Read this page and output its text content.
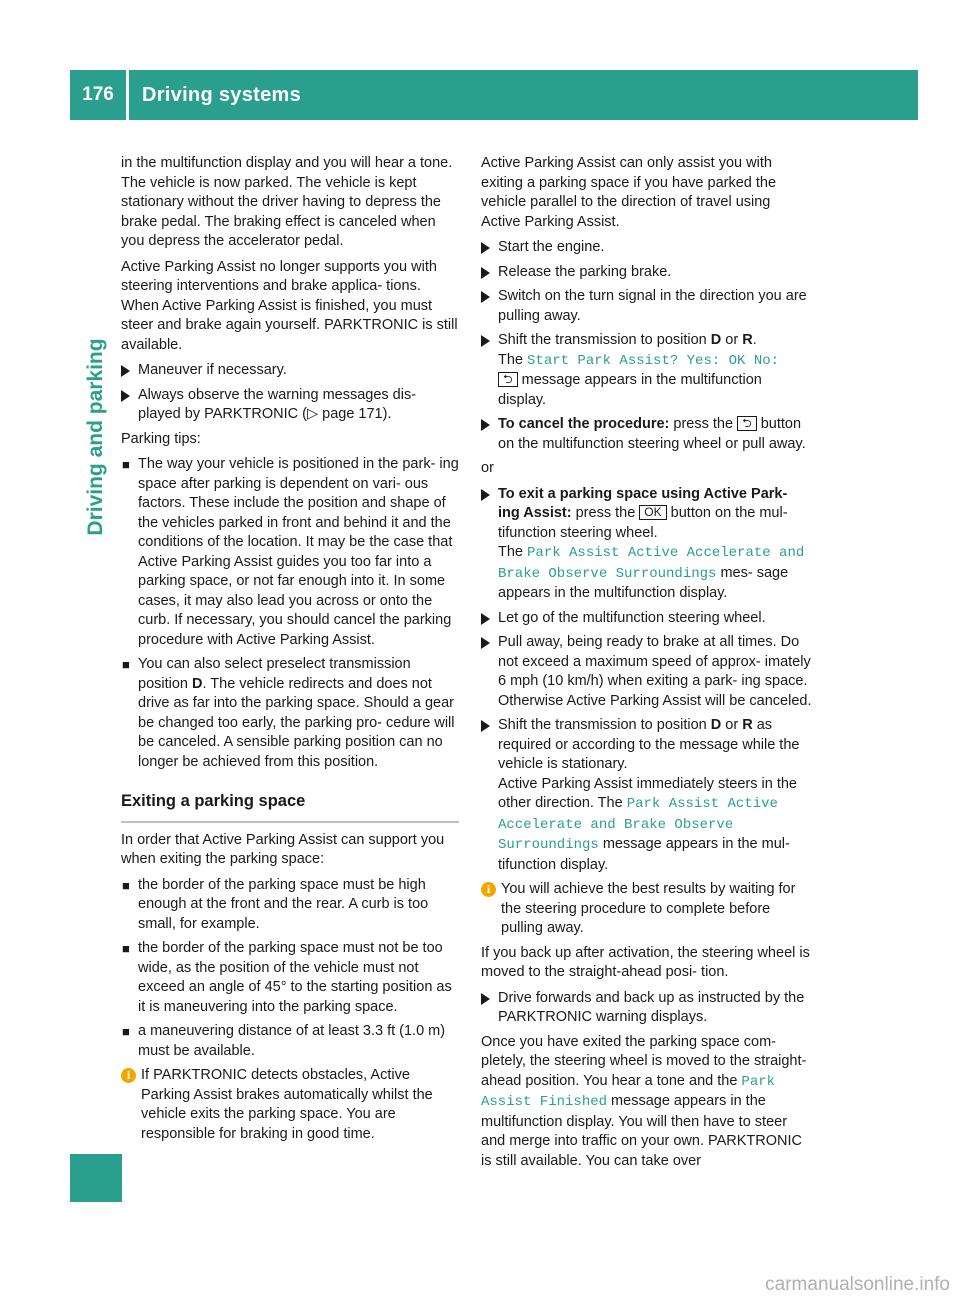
176	Driving systems
Driving and parking

in the multifunction display and you will hear a tone. The vehicle is now parked. The vehicle is kept stationary without the driver having to depress the brake pedal. The braking effect is canceled when you depress the accelerator pedal.

Active Parking Assist no longer supports you with steering interventions and brake applica- tions. When Active Parking Assist is finished, you must steer and brake again yourself. PARKTRONIC is still available.

Maneuver if necessary.
Always observe the warning messages dis- played by PARKTRONIC (▷ page 171).

Parking tips:

■ The way your vehicle is positioned in the park- ing space after parking is dependent on vari- ous factors. These include the position and shape of the vehicles parked in front and behind it and the conditions of the location. It may be the case that Active Parking Assist guides you too far into a parking space, or not far enough into it. In some cases, it may also lead you across or onto the curb. If necessary, you should cancel the parking procedure with Active Parking Assist.
■ You can also select preselect transmission position D. The vehicle redirects and does not drive as far into the parking space. Should a gear be changed too early, the parking pro- cedure will be canceled. A sensible parking position can no longer be achieved from this position.
Exiting a parking space

In order that Active Parking Assist can support you when exiting the parking space:

■ the border of the parking space must be high enough at the front and the rear. A curb is too small, for example.
■ the border of the parking space must not be too wide, as the position of the vehicle must not exceed an angle of 45° to the starting position as it is maneuvering into the parking space.
■ a maneuvering distance of at least 3.3 ft (1.0 m) must be available.
i If PARKTRONIC detects obstacles, Active Parking Assist brakes automatically whilst the vehicle exits the parking space. You are responsible for braking in good time.

Active Parking Assist can only assist you with exiting a parking space if you have parked the vehicle parallel to the direction of travel using Active Parking Assist.

Start the engine.
Release the parking brake.
Switch on the turn signal in the direction you are pulling away.
Shift the transmission to position D or R.
The Start Park Assist? Yes: OK No:
⮌ message appears in the multifunction display.
To cancel the procedure: press the ⮌ button on the multifunction steering wheel or pull away.

or

To exit a parking space using Active Park- ing Assist: press the OK button on the mul- tifunction steering wheel.
The Park Assist Active Accelerate and Brake Observe Surroundings mes- sage appears in the multifunction display.
Let go of the multifunction steering wheel.
Pull away, being ready to brake at all times. Do not exceed a maximum speed of approx- imately 6 mph (10 km/h) when exiting a park- ing space. Otherwise Active Parking Assist will be canceled.
Shift the transmission to position D or R as required or according to the message while the vehicle is stationary.
Active Parking Assist immediately steers in the other direction. The Park Assist Active Accelerate and Brake Observe Surroundings message appears in the mul- tifunction display.
i You will achieve the best results by waiting for the steering procedure to complete before pulling away.

If you back up after activation, the steering wheel is moved to the straight-ahead posi- tion.

Drive forwards and back up as instructed by the PARKTRONIC warning displays.

Once you have exited the parking space com- pletely, the steering wheel is moved to the straight-ahead position. You hear a tone and the Park Assist Finished message appears in the multifunction display. You will then have to steer and merge into traffic on your own. PARKTRONIC is still available. You can take over

carmanualsonline.info
